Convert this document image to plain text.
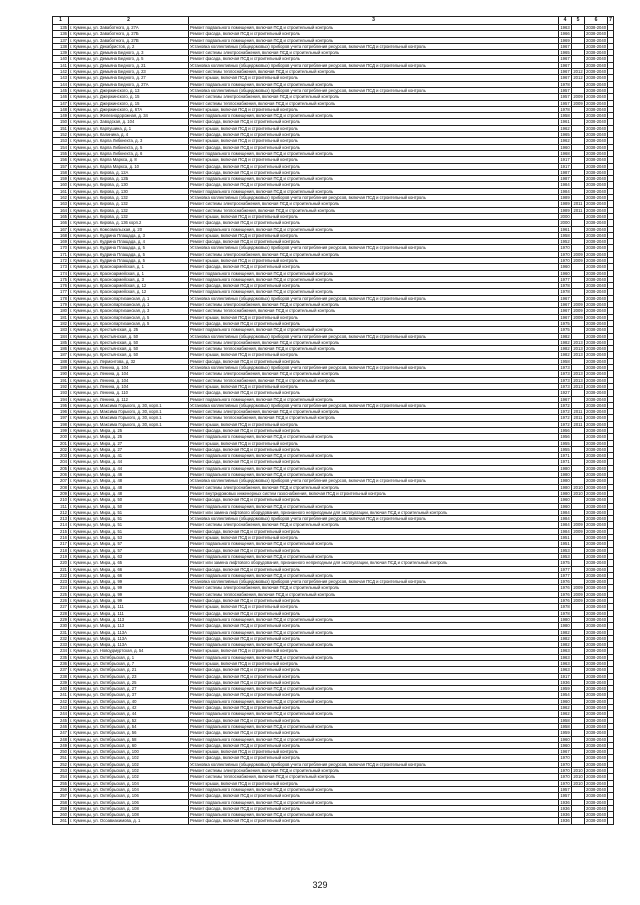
1	2	3	4	5	6	7
135	г. Куменцы, ул. Заваботного, д. 27А	Ремонт подвального помещения, включая ПСД и строительный контроль	1963		2038-2040	
136	г. Куменцы, ул. Заваботного, д. 27Б	Ремонт фасада, включая ПСД и строительный контроль	1966		2038-2040	
137	г. Куменцы, ул. Заваботного, д. 27В	Ремонт подвального помещения, включая ПСД и строительный контроль	1969		2038-2040	
138	г. Куменцы, ул. Декабристов, д. 2	Установка коллективных (общедомовых) приборов учета потребления ресурсов, включая ПСД и строительный контроль	1967		2038-2040	
139	г. Куменцы, ул. Демьяна Бедного, д. 3	Ремонт системы электроснабжения, включая ПСД и строительный контроль	1965		2038-2040	
140	г. Куменцы, ул. Демьяна Бедного, д. 5	Ремонт фасада, включая ПСД и строительный контроль	1967		2038-2040	
141	г. Куменцы, ул. Демьяна Бедного, д. 21	Установка коллективных (общедомовых) приборов учета потребления ресурсов, включая ПСД и строительный контроль	1967		2038-2040	
142	г. Куменцы, ул. Демьяна Бедного, д. 23	Ремонт системы теплоснабжения, включая ПСД и строительный контроль	1967	2012	2038-2040	
143	г. Куменцы, ул. Демьяна Бедного, д. 27	Ремонт крыши, включая ПСД и строительный контроль	1967	2012	2038-2040	
144	г. Куменцы, ул. Демьяна Бедного, д. 27А	Ремонт подвального помещения, включая ПСД и строительный контроль	1978		2038-2040	
145	г. Куменцы, ул. Джержинского, д. 13	Установка коллективных (общедомовых) приборов учета потребления ресурсов, включая ПСД и строительный контроль	1957		2038-2040	
146	г. Куменцы, ул. Джержинского, д. 15	Ремонт системы электроснабжения, включая ПСД и строительный контроль	1957	2009	2038-2040	
147	г. Куменцы, ул. Джержинского, д. 15	Ремонт системы теплоснабжения, включая ПСД и строительный контроль	1957	2009	2038-2040	
148	г. Куменцы, ул. Джержинского, д. 67А	Ремонт крыши, включая ПСД и строительный контроль	1978		2038-2040	
149	г. Куменцы, ул. Железнодорожная, д. 34	Ремонт подвального помещения, включая ПСД и строительный контроль	1958		2038-2040	
150	г. Куменцы, ул. Заводская, д. 104	Ремонт фасада, включая ПСД и строительный контроль	1961		2038-2040	
151	г. Куменцы, ул. Карлушина, д. 1	Ремонт крыши, включая ПСД и строительный контроль	1962		2038-2040	
152	г. Куменцы, ул. Калинина, д. 4	Ремонт фасада, включая ПСД и строительный контроль	1965		2038-2040	
153	г. Куменцы, ул. Карла Либкнехта, д. 3	Ремонт крыши, включая ПСД и строительный контроль	1962		2038-2040	
154	г. Куменцы, ул. Карла Либкнехта, д. 5	Ремонт фасада, включая ПСД и строительный контроль	1960		2038-2040	
155	г. Куменцы, ул. Карла Либкнехта, д. 6	Ремонт подвального помещения, включая ПСД и строительный контроль	1968		2038-2040	
156	г. Куменцы, ул. Карла Маркса, д. 8	Ремонт крыши, включая ПСД и строительный контроль	1917		2038-2040	
157	г. Куменцы, ул. Карла Маркса, д. 10	Ремонт фасада, включая ПСД и строительный контроль	1917		2038-2040	
158	г. Куменцы, ул. Кирова, д. 12А	Ремонт фасада, включая ПСД и строительный контроль	1987		2038-2040	
159	г. Куменцы, ул. Кирова, д. 12Б	Ремонт подвального помещения, включая ПСД и строительный контроль	1987		2038-2040	
160	г. Куменцы, ул. Кирова, д. 130	Ремонт фасада, включая ПСД и строительный контроль	1984		2038-2040	
161	г. Куменцы, ул. Кирова, д. 130	Ремонт подвального помещения, включая ПСД и строительный контроль	1984		2038-2040	
162	г. Куменцы, ул. Кирова, д. 132	Установка коллективных (общедомовых) приборов учета потребления ресурсов, включая ПСД и строительный контроль	1989		2038-2040	
163	г. Куменцы, ул. Кирова, д. 132	Ремонт системы электроснабжения, включая ПСД и строительный контроль	1989	2011	2038-2040	
164	г. Куменцы, ул. Кирова, д. 132	Ремонт системы теплоснабжения, включая ПСД и строительный контроль	1989	2011	2038-2040	
165	г. Куменцы, ул. Кирова, д. 132	Ремонт крыши, включая ПСД и строительный контроль	2000		2038-2040	
166	г. Куменцы, ул. Кирова, д. 136 корп.2	Ремонт фасада, включая ПСД и строительный контроль	2000		2038-2040	
167	г. Куменцы, ул. Комсомольская, д. 20	Ремонт подвального помещения, включая ПСД и строительный контроль	1961		2038-2040	
168	г. Куменцы, ул. Кудрина Плащада, д. 3	Ремонт крыши, включая ПСД и строительный контроль	1958		2038-2040	
169	г. Куменцы, ул. Кудрина Плащада, д. 4	Ремонт фасада, включая ПСД и строительный контроль	1952		2038-2040	
170	г. Куменцы, ул. Кудрина Плащада, д. 5	Установка коллективных (общедомовых) приборов учета потребления ресурсов, включая ПСД и строительный контроль	1970		2038-2040	
171	г. Куменцы, ул. Кудрина Плащада, д. 5	Ремонт системы электроснабжения, включая ПСД и строительный контроль	1970	2009	2038-2040	
172	г. Куменцы, ул. Кудрина Плащада, д. 5	Ремонт крыши, включая ПСД и строительный контроль	1970	2009	2038-2040	
173	г. Куменцы, ул. Красноармейская, д. 1	Ремонт фасада, включая ПСД и строительный контроль	1960		2038-2040	
174	г. Куменцы, ул. Красноармейская, д. 1	Ремонт подвального помещения, включая ПСД и строительный контроль	1960		2038-2040	
175	г. Куменцы, ул. Красноармейская, д. 3	Ремонт подвального помещения, включая ПСД и строительный контроль	1977		2038-2040	
176	г. Куменцы, ул. Красноармейская, д. 12	Ремонт фасада, включая ПСД и строительный контроль	1978		2038-2040	
177	г. Куменцы, ул. Красноармейская, д. 12	Ремонт подвального помещения, включая ПСД и строительный контроль	1978		2038-2040	
178	г. Куменцы, ул. Краснопартизанская, д. 1	Установка коллективных (общедомовых) приборов учета потребления ресурсов, включая ПСД и строительный контроль	1967		2038-2040	
179	г. Куменцы, ул. Краснопартизанская, д. 1	Ремонт системы электроснабжения, включая ПСД и строительный контроль	1967	2009	2038-2040	
180	г. Куменцы, ул. Краснопартизанская, д. 3	Ремонт системы теплоснабжения, включая ПСД и строительный контроль	1967	2009	2038-2040	
181	г. Куменцы, ул. Краснопартизанская, д. 5	Ремонт крыши, включая ПСД и строительный контроль	1967	2009	2038-2040	
182	г. Куменцы, ул. Краснопартизанская, д. 5	Ремонт фасада, включая ПСД и строительный контроль	1975		2038-2040	
183	г. Куменцы, ул. Крестьянская, д. 25	Ремонт подвального помещения, включая ПСД и строительный контроль	1975		2038-2040	
184	г. Куменцы, ул. Крестьянская, д. 50	Установка коллективных (общедомовых) приборов учета потребления ресурсов, включая ПСД и строительный контроль	1982		2038-2040	
185	г. Куменцы, ул. Крестьянская, д. 50	Ремонт системы электроснабжения, включая ПСД и строительный контроль	1982	2013	2038-2040	
186	г. Куменцы, ул. Крестьянская, д. 50	Ремонт системы теплоснабжения, включая ПСД и строительный контроль	1982	2013	2038-2040	
187	г. Куменцы, ул. Крестьянская, д. 50	Ремонт крыши, включая ПСД и строительный контроль	1982	2013	2038-2040	
188	г. Куменцы, ул. Лермонтова, д. 32	Ремонт фасада, включая ПСД и строительный контроль	1958		2038-2040	
189	г. Куменцы, ул. Ленина, д. 104	Установка коллективных (общедомовых) приборов учета потребления ресурсов, включая ПСД и строительный контроль	1973		2038-2040	
190	г. Куменцы, ул. Ленина, д. 104	Ремонт системы электроснабжения, включая ПСД и строительный контроль	1973	2013	2038-2040	
191	г. Куменцы, ул. Ленина, д. 104	Ремонт системы теплоснабжения, включая ПСД и строительный контроль	1973	2013	2038-2040	
192	г. Куменцы, ул. Ленина, д. 104	Ремонт крыши, включая ПСД и строительный контроль	1973	2013	2038-2040	
193	г. Куменцы, ул. Ленина, д. 110	Ремонт фасада, включая ПСД и строительный контроль	1927		2038-2040	
194	г. Куменцы, ул. Ленина, д. 112	Ремонт подвального помещения, включая ПСД и строительный контроль	1967		2038-2040	
195	г. Куменцы, ул. Максима Горького, д. 30, корп.1	Установка коллективных (общедомовых) приборов учета потребления ресурсов, включая ПСД и строительный контроль	1972		2038-2040	
196	г. Куменцы, ул. Максима Горького, д. 30, корп.1	Ремонт системы электроснабжения, включая ПСД и строительный контроль	1972	2011	2038-2040	
197	г. Куменцы, ул. Максима Горького, д. 30, корп.1	Ремонт системы теплоснабжения, включая ПСД и строительный контроль	1972	2011	2038-2040	
198	г. Куменцы, ул. Максима Горького, д. 30, корп.1	Ремонт крыши, включая ПСД и строительный контроль	1972	2011	2038-2040	
199	г. Куменцы, ул. Мира, д. 25	Ремонт фасада, включая ПСД и строительный контроль	1956		2038-2040	
200	г. Куменцы, ул. Мира, д. 25	Ремонт подвального помещения, включая ПСД и строительный контроль	1956		2038-2040	
201	г. Куменцы, ул. Мира, д. 27	Ремонт крыши, включая ПСД и строительный контроль	1955		2038-2040	
202	г. Куменцы, ул. Мира, д. 27	Ремонт фасада, включая ПСД и строительный контроль	1955		2038-2040	
203	г. Куменцы, ул. Мира, д. 41	Ремонт подвального помещения, включая ПСД и строительный контроль	1971		2038-2040	
204	г. Куменцы, ул. Мира, д. 44	Ремонт фасада, включая ПСД и строительный контроль	1971		2038-2040	
205	г. Куменцы, ул. Мира, д. 44	Ремонт подвального помещения, включая ПСД и строительный контроль	1980		2038-2040	
206	г. Куменцы, ул. Мира, д. 46	Ремонт подвального помещения, включая ПСД и строительный контроль	1980		2038-2040	
207	г. Куменцы, ул. Мира, д. 48	Установка коллективных (общедомовых) приборов учета потребления ресурсов, включая ПСД и строительный контроль	1980		2038-2040	
208	г. Куменцы, ул. Мира, д. 48	Ремонт системы электроснабжения, включая ПСД и строительный контроль	1980	2010	2038-2040	
209	г. Куменцы, ул. Мира, д. 48	Ремонт внутридомовых инженерных систем газоснабжения, включая ПСД и строительный контроль	1980	2010	2038-2040	
210	г. Куменцы, ул. Мира, д. 50	Ремонт фасада, включая ПСД и строительный контроль	1960		2038-2040	
211	г. Куменцы, ул. Мира, д. 50	Ремонт подвального помещения, включая ПСД и строительный контроль	1960		2038-2040	
212	г. Куменцы, ул. Мира, д. 51	Ремонт или замена лифтового оборудования, признанного непригодным для эксплуатации, включая ПСД и строительный контроль	1984		2038-2040	
213	г. Куменцы, ул. Мира, д. 51	Установка коллективных (общедомовых) приборов учета потребления ресурсов, включая ПСД и строительный контроль	1984		2038-2040	
214	г. Куменцы, ул. Мира, д. 51	Ремонт системы электроснабжения, включая ПСД и строительный контроль	1984	2009	2038-2040	
215	г. Куменцы, ул. Мира, д. 51	Ремонт фасада, включая ПСД и строительный контроль	1984	2009	2038-2040	
216	г. Куменцы, ул. Мира, д. 53	Ремонт крыши, включая ПСД и строительный контроль	1951		2038-2040	
217	г. Куменцы, ул. Мира, д. 57	Ремонт подвального помещения, включая ПСД и строительный контроль	1951		2038-2040	
218	г. Куменцы, ул. Мира, д. 57	Ремонт фасада, включая ПСД и строительный контроль	1953		2038-2040	
219	г. Куменцы, ул. Мира, д. 63	Ремонт подвального помещения, включая ПСД и строительный контроль	1953		2038-2040	
220	г. Куменцы, ул. Мира, д. 65	Ремонт или замена лифтового оборудования, признанного непригодным для эксплуатации, включая ПСД и строительный контроль	1975		2038-2040	
221	г. Куменцы, ул. Мира, д. 66	Ремонт фасада, включая ПСД и строительный контроль	1977		2038-2040	
222	г. Куменцы, ул. Мира, д. 66	Ремонт подвального помещения, включая ПСД и строительный контроль	1977		2038-2040	
223	г. Куменцы, ул. Мира, д. 99	Установка коллективных (общедомовых) приборов учета потребления ресурсов, включая ПСД и строительный контроль	1976		2038-2040	
224	г. Куменцы, ул. Мира, д. 99	Ремонт системы электроснабжения, включая ПСД и строительный контроль	1976	2009	2038-2040	
225	г. Куменцы, ул. Мира, д. 99	Ремонт системы теплоснабжения, включая ПСД и строительный контроль	1976	2009	2038-2040	
226	г. Куменцы, ул. Мира, д. 99	Ремонт фасада, включая ПСД и строительный контроль	1976	2009	2038-2040	
227	г. Куменцы, ул. Мира, д. 111	Ремонт крыши, включая ПСД и строительный контроль	1978		2038-2040	
228	г. Куменцы, ул. Мира, д. 111	Ремонт фасада, включая ПСД и строительный контроль	1978		2038-2040	
229	г. Куменцы, ул. Мира, д. 113	Ремонт подвального помещения, включая ПСД и строительный контроль	1980		2038-2040	
230	г. Куменцы, ул. Мира, д. 113	Ремонт фасада, включая ПСД и строительный контроль	1980		2038-2040	
231	г. Куменцы, ул. Мира, д. 113А	Ремонт подвального помещения, включая ПСД и строительный контроль	1982		2038-2040	
232	г. Куменцы, ул. Мира, д. 113А	Ремонт фасада, включая ПСД и строительный контроль	1982		2038-2040	
233	г. Куменцы, ул. Мира, д. 113А	Ремонт подвального помещения, включая ПСД и строительный контроль	1982		2038-2040	
234	г. Куменцы, ул. Новоудмуртская, д. 54	Ремонт крыши, включая ПСД и строительный контроль	1963		2038-2040	
235	г. Куменцы, ул. Октябрьская, д. 1	Ремонт подвального помещения, включая ПСД и строительный контроль	1963		2038-2040	
236	г. Куменцы, ул. Октябрьская, д. 7	Ремонт крыши, включая ПСД и строительный контроль	1963		2038-2040	
237	г. Куменцы, ул. Октябрьская, д. 21	Ремонт фасада, включая ПСД и строительный контроль	1963		2038-2040	
238	г. Куменцы, ул. Октябрьская, д. 23	Ремонт фасада, включая ПСД и строительный контроль	1917		2038-2040	
239	г. Куменцы, ул. Октябрьская, д. 25	Ремонт фасада, включая ПСД и строительный контроль	1936		2038-2040	
240	г. Куменцы, ул. Октябрьская, д. 27	Ремонт подвального помещения, включая ПСД и строительный контроль	1959		2038-2040	
241	г. Куменцы, ул. Октябрьская, д. 37	Ремонт фасада, включая ПСД и строительный контроль	1954		2038-2040	
242	г. Куменцы, ул. Октябрьская, д. 40	Ремонт подвального помещения, включая ПСД и строительный контроль	1960		2038-2040	
243	г. Куменцы, ул. Октябрьская, д. 42	Ремонт фасада, включая ПСД и строительный контроль	1962		2038-2040	
244	г. Куменцы, ул. Октябрьская, д. 44	Ремонт подвального помещения, включая ПСД и строительный контроль	1962		2038-2040	
245	г. Куменцы, ул. Октябрьская, д. 52	Ремонт фасада, включая ПСД и строительный контроль	1958		2038-2040	
246	г. Куменцы, ул. Октябрьская, д. 54	Ремонт подвального помещения, включая ПСД и строительный контроль	1958		2038-2040	
247	г. Куменцы, ул. Октябрьская, д. 56	Ремонт фасада, включая ПСД и строительный контроль	1959		2038-2040	
248	г. Куменцы, ул. Октябрьская, д. 58	Ремонт подвального помещения, включая ПСД и строительный контроль	1960		2038-2040	
249	г. Куменцы, ул. Октябрьская, д. 60	Ремонт фасада, включая ПСД и строительный контроль	1960		2038-2040	
250	г. Куменцы, ул. Октябрьская, д. 100	Ремонт крыши, включая ПСД и строительный контроль	1967		2038-2040	
251	г. Куменцы, ул. Октябрьская, д. 102	Ремонт фасада, включая ПСД и строительный контроль	1970		2038-2040	
252	г. Куменцы, ул. Октябрьская, д. 102	Установка коллективных (общедомовых) приборов учета потребления ресурсов, включая ПСД и строительный контроль	1970		2038-2040	
253	г. Куменцы, ул. Октябрьская, д. 102	Ремонт системы электроснабжения, включая ПСД и строительный контроль	1970	2010	2038-2040	
254	г. Куменцы, ул. Октябрьская, д. 102	Ремонт системы теплоснабжения, включая ПСД и строительный контроль	1970	2010	2038-2040	
255	г. Куменцы, ул. Октябрьская, д. 104	Ремонт крыши, включая ПСД и строительный контроль	1970	2010	2038-2040	
256	г. Куменцы, ул. Октябрьская, д. 104	Ремонт подвального помещения, включая ПСД и строительный контроль	1957		2038-2040	
257	г. Куменцы, ул. Октябрьская, д. 106	Ремонт фасада, включая ПСД и строительный контроль	1957		2038-2040	
258	г. Куменцы, ул. Октябрьская, д. 106	Ремонт подвального помещения, включая ПСД и строительный контроль	1936		2038-2040	
259	г. Куменцы, ул. Октябрьская, д. 108	Ремонт фасада, включая ПСД и строительный контроль	1936		2038-2040	
260	г. Куменцы, ул. Октябрьская, д. 108	Ремонт подвального помещения, включая ПСД и строительный контроль	1936		2038-2040	
261	г. Куменцы, ул. Осоавиахимова, д. 1	Ремонт фасада, включая ПСД и строительный контроль	1936		2038-2040	
329
